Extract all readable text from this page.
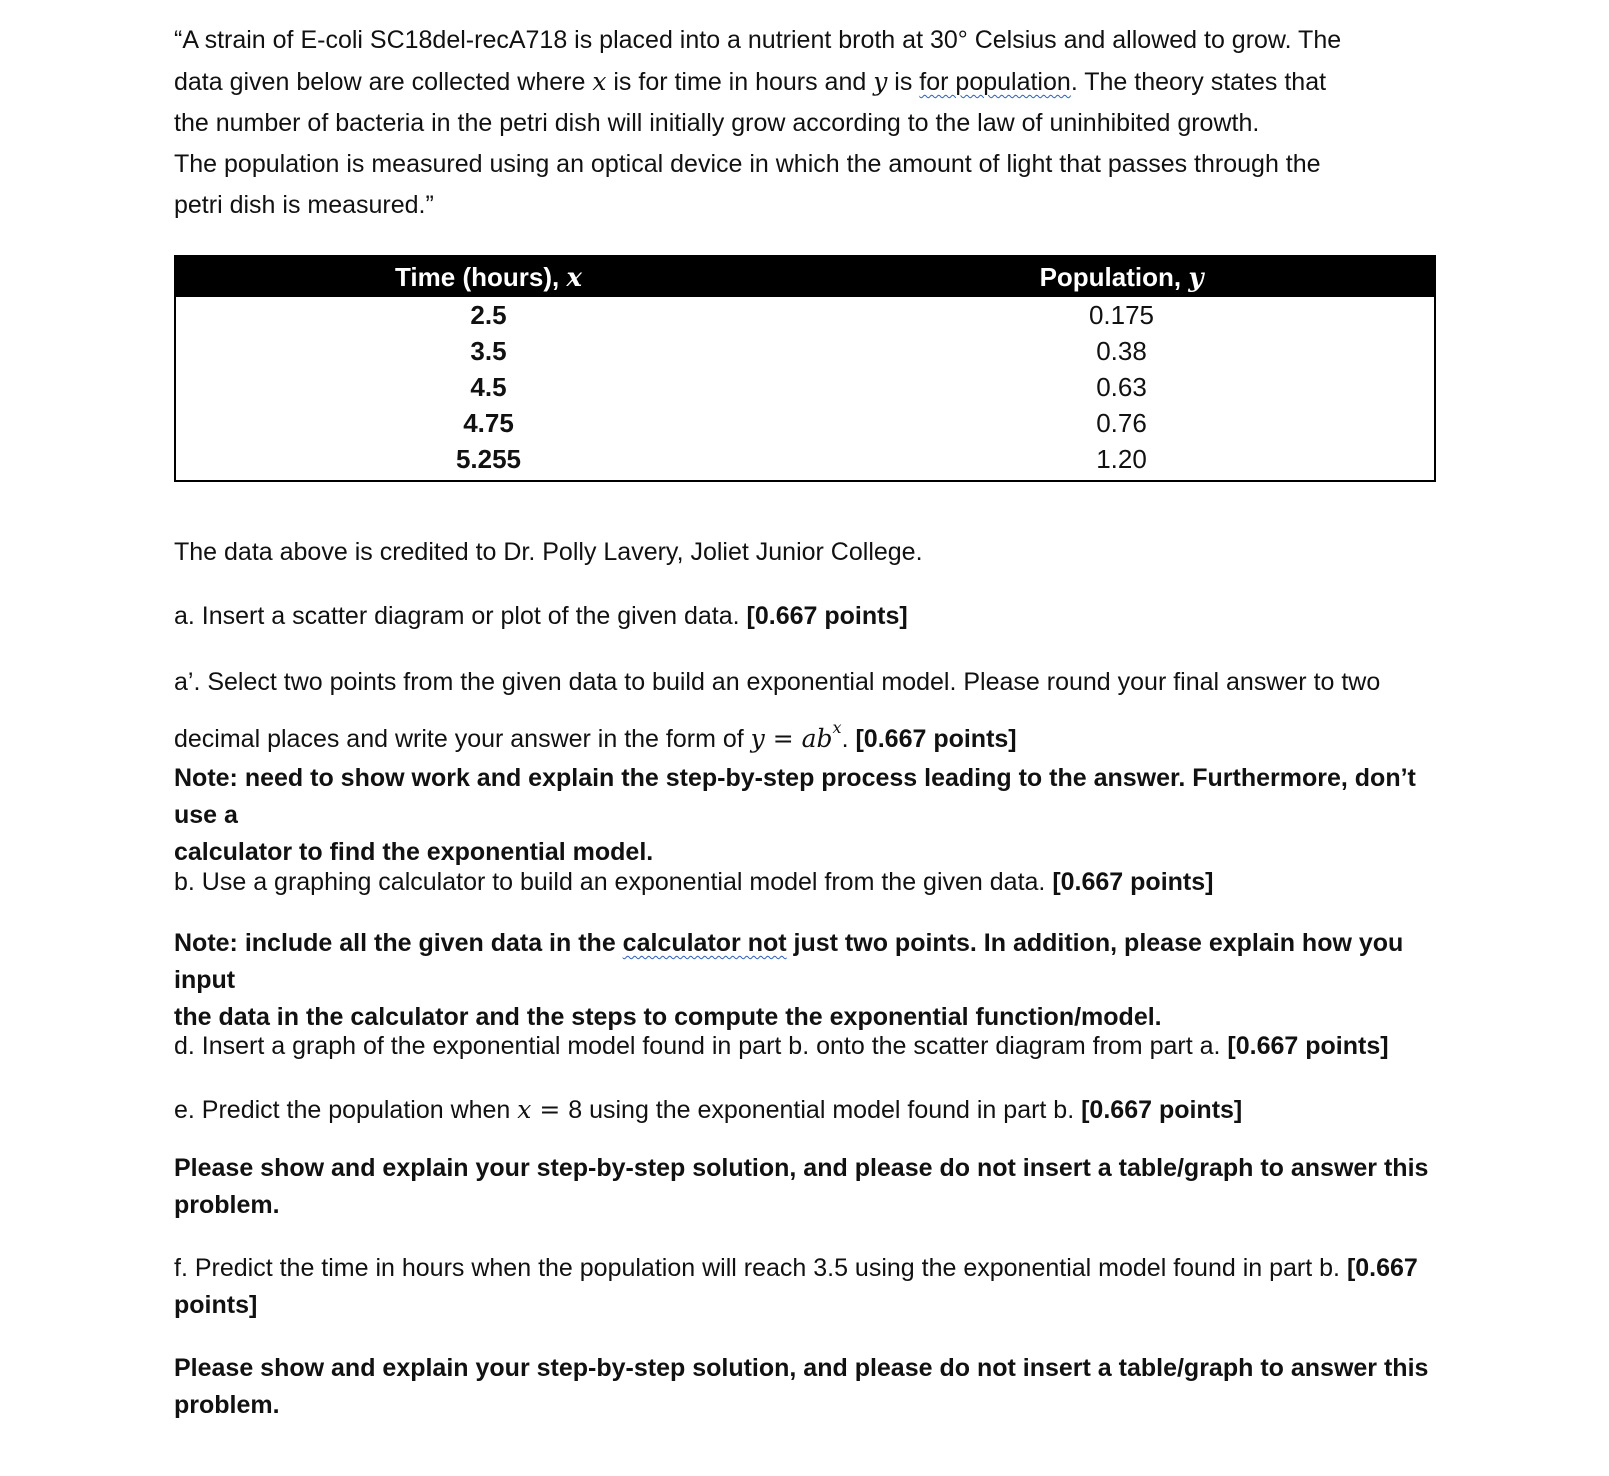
“A strain of E-coli SC18del-recA718 is placed into a nutrient broth at 30° Celsius and allowed to grow. The
data given below are collected where x is for time in hours and y is for population. The theory states that
the number of bacteria in the petri dish will initially grow according to the law of uninhibited growth.
The population is measured using an optical device in which the amount of light that passes through the
petri dish is measured.”

Time (hours), x	Population, y
2.5	0.175
3.5	0.38
4.5	0.63
4.75	0.76
5.255	1.20

The data above is credited to Dr. Polly Lavery, Joliet Junior College.

a. Insert a scatter diagram or plot of the given data. [0.667 points]

a’. Select two points from the given data to build an exponential model. Please round your final answer to two
decimal places and write your answer in the form of $y = ab^x$. [0.667 points]

Note: need to show work and explain the step-by-step process leading to the answer. Furthermore, don’t use a
calculator to find the exponential model.

b. Use a graphing calculator to build an exponential model from the given data. [0.667 points]

Note: include all the given data in the calculator not just two points. In addition, please explain how you input
the data in the calculator and the steps to compute the exponential function/model.

d. Insert a graph of the exponential model found in part b. onto the scatter diagram from part a. [0.667 points]

e. Predict the population when x = 8 using the exponential model found in part b. [0.667 points]

Please show and explain your step-by-step solution, and please do not insert a table/graph to answer this
problem.

f. Predict the time in hours when the population will reach 3.5 using the exponential model found in part b. [0.667
points]

Please show and explain your step-by-step solution, and please do not insert a table/graph to answer this
problem.
